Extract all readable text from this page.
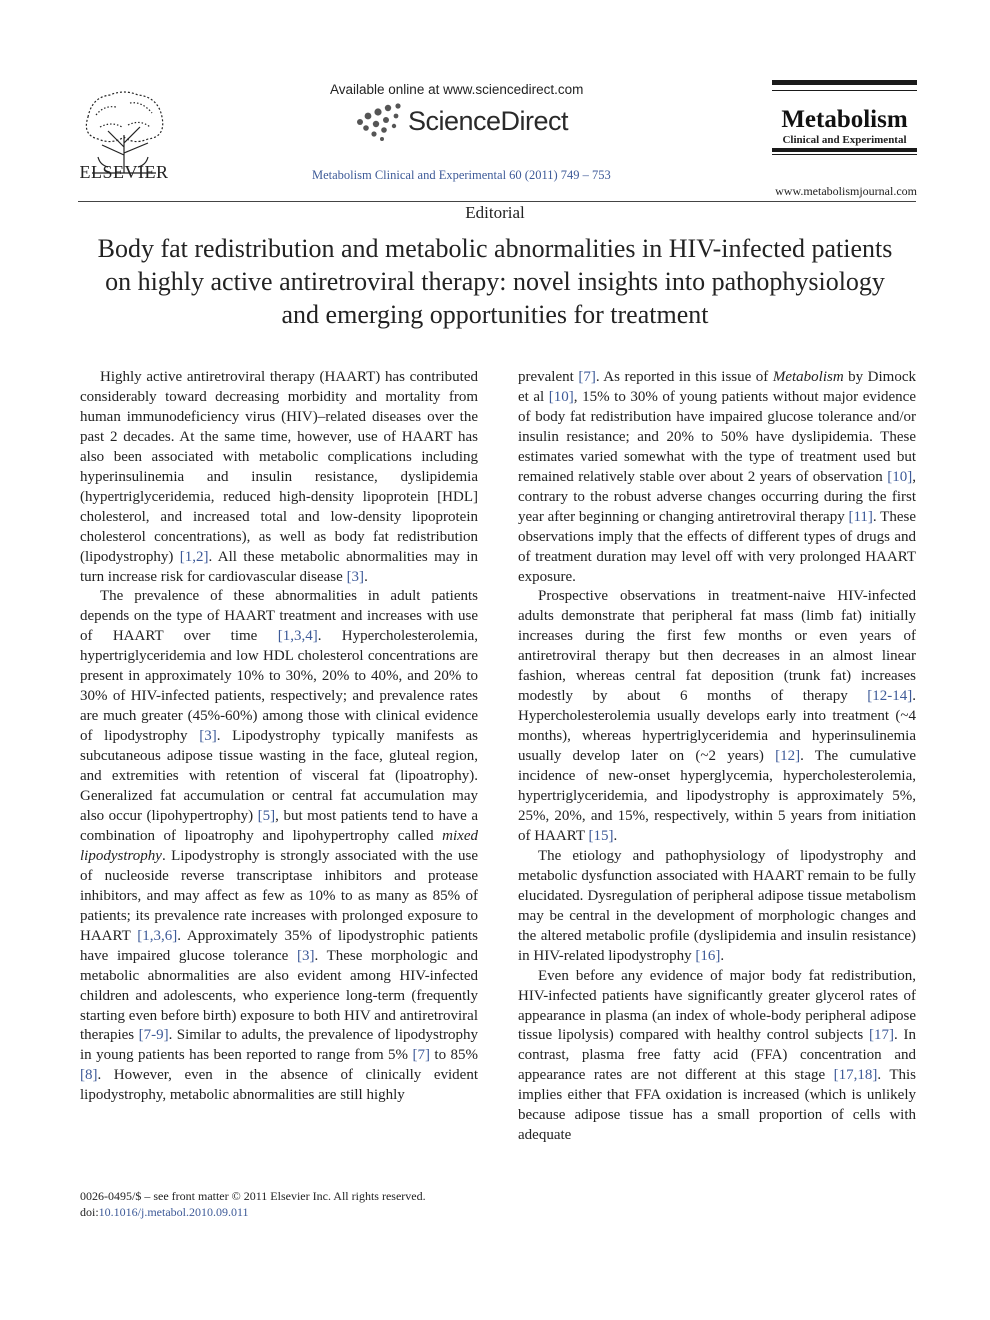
ELSEVIER
Available online at www.sciencedirect.com
ScienceDirect
Metabolism Clinical and Experimental 60 (2011) 749 – 753
Metabolism
Clinical and Experimental
www.metabolismjournal.com
Editorial
Body fat redistribution and metabolic abnormalities in HIV-infected patients on highly active antiretroviral therapy: novel insights into pathophysiology and emerging opportunities for treatment

Highly active antiretroviral therapy (HAART) has contributed considerably toward decreasing morbidity and mortality from human immunodeficiency virus (HIV)–related diseases over the past 2 decades. At the same time, however, use of HAART has also been associated with metabolic complications including hyperinsulinemia and insulin resistance, dyslipidemia (hypertriglyceridemia, reduced high-density lipoprotein [HDL] cholesterol, and increased total and low-density lipoprotein cholesterol concentrations), as well as body fat redistribution (lipodystrophy) [1,2]. All these metabolic abnormalities may in turn increase risk for cardiovascular disease [3].

The prevalence of these abnormalities in adult patients depends on the type of HAART treatment and increases with use of HAART over time [1,3,4]. Hypercholesterolemia, hypertriglyceridemia and low HDL cholesterol concentrations are present in approximately 10% to 30%, 20% to 40%, and 20% to 30% of HIV-infected patients, respectively; and prevalence rates are much greater (45%-60%) among those with clinical evidence of lipodystrophy [3]. Lipodystrophy typically manifests as subcutaneous adipose tissue wasting in the face, gluteal region, and extremities with retention of visceral fat (lipoatrophy). Generalized fat accumulation or central fat accumulation may also occur (lipohypertrophy) [5], but most patients tend to have a combination of lipoatrophy and lipohypertrophy called mixed lipodystrophy. Lipodystrophy is strongly associated with the use of nucleoside reverse transcriptase inhibitors and protease inhibitors, and may affect as few as 10% to as many as 85% of patients; its prevalence rate increases with prolonged exposure to HAART [1,3,6]. Approximately 35% of lipodystrophic patients have impaired glucose tolerance [3]. These morphologic and metabolic abnormalities are also evident among HIV-infected children and adolescents, who experience long-term (frequently starting even before birth) exposure to both HIV and antiretroviral therapies [7-9]. Similar to adults, the prevalence of lipodystrophy in young patients has been reported to range from 5% [7] to 85% [8]. However, even in the absence of clinically evident lipodystrophy, metabolic abnormalities are still highly

prevalent [7]. As reported in this issue of Metabolism by Dimock et al [10], 15% to 30% of young patients without major evidence of body fat redistribution have impaired glucose tolerance and/or insulin resistance; and 20% to 50% have dyslipidemia. These estimates varied somewhat with the type of treatment used but remained relatively stable over about 2 years of observation [10], contrary to the robust adverse changes occurring during the first year after beginning or changing antiretroviral therapy [11]. These observations imply that the effects of different types of drugs and of treatment duration may level off with very prolonged HAART exposure.

Prospective observations in treatment-naive HIV-infected adults demonstrate that peripheral fat mass (limb fat) initially increases during the first few months or even years of antiretroviral therapy but then decreases in an almost linear fashion, whereas central fat deposition (trunk fat) increases modestly by about 6 months of therapy [12-14]. Hypercholesterolemia usually develops early into treatment (~4 months), whereas hypertriglyceridemia and hyperinsulinemia usually develop later on (~2 years) [12]. The cumulative incidence of new-onset hyperglycemia, hypercholesterolemia, hypertriglyceridemia, and lipodystrophy is approximately 5%, 25%, 20%, and 15%, respectively, within 5 years from initiation of HAART [15].

The etiology and pathophysiology of lipodystrophy and metabolic dysfunction associated with HAART remain to be fully elucidated. Dysregulation of peripheral adipose tissue metabolism may be central in the development of morphologic changes and the altered metabolic profile (dyslipidemia and insulin resistance) in HIV-related lipodystrophy [16].

Even before any evidence of major body fat redistribution, HIV-infected patients have significantly greater glycerol rates of appearance in plasma (an index of whole-body peripheral adipose tissue lipolysis) compared with healthy control subjects [17]. In contrast, plasma free fatty acid (FFA) concentration and appearance rates are not different at this stage [17,18]. This implies either that FFA oxidation is increased (which is unlikely because adipose tissue has a small proportion of cells with adequate

0026-0495/$ – see front matter © 2011 Elsevier Inc. All rights reserved.
doi:10.1016/j.metabol.2010.09.011
